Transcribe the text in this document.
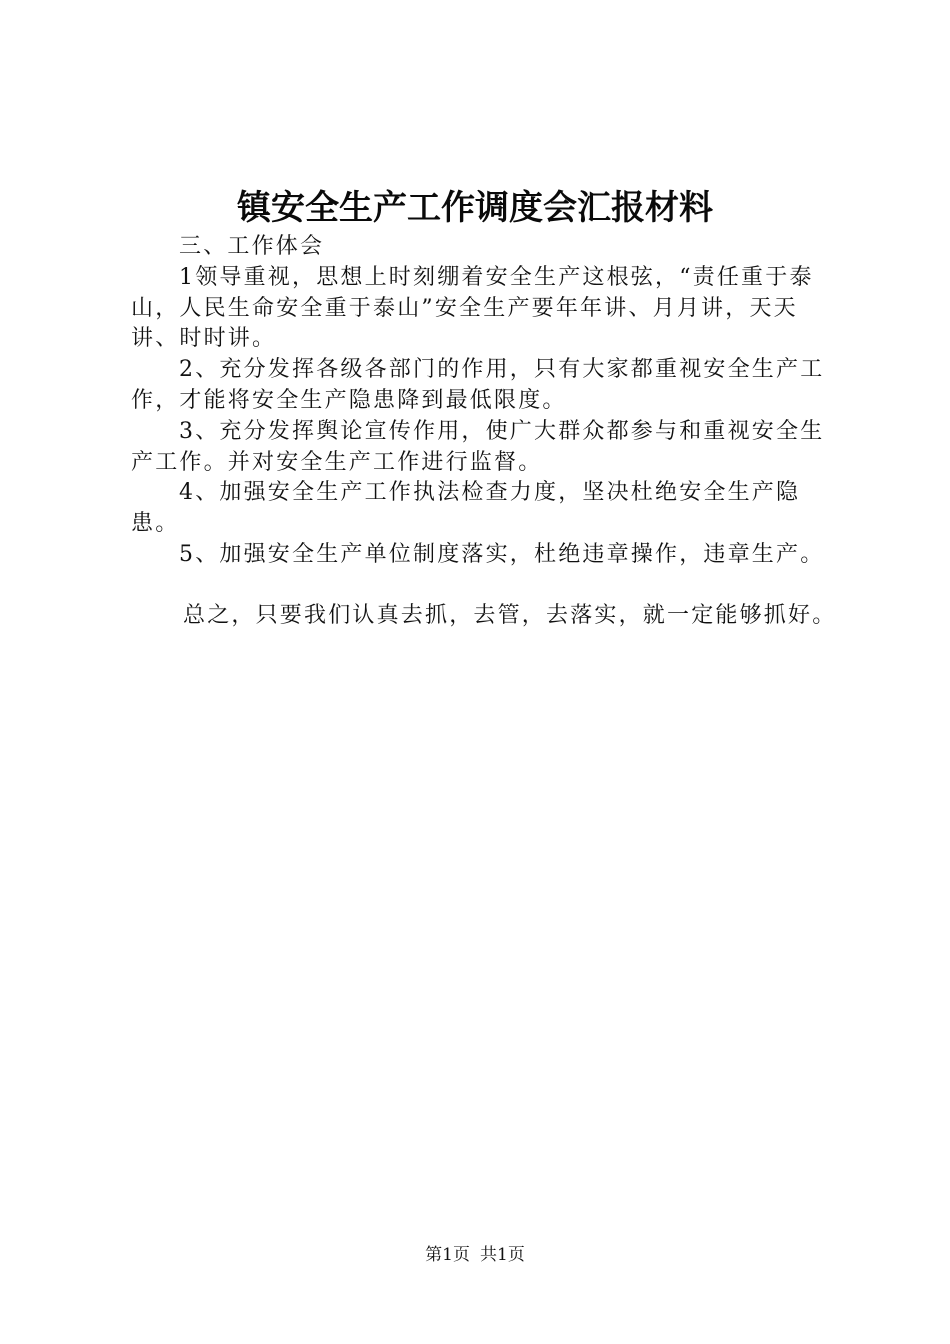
镇安全生产工作调度会汇报材料

三、工作体会

1领导重视，思想上时刻绷着安全生产这根弦，“责任重于泰山，人民生命安全重于泰山”安全生产要年年讲、月月讲，天天讲、时时讲。

2、充分发挥各级各部门的作用，只有大家都重视安全生产工作，才能将安全生产隐患降到最低限度。

3、充分发挥舆论宣传作用，使广大群众都参与和重视安全生产工作。并对安全生产工作进行监督。

4、加强安全生产工作执法检查力度，坚决杜绝安全生产隐患。

5、加强安全生产单位制度落实，杜绝违章操作，违章生产。

总之，只要我们认真去抓，去管，去落实，就一定能够抓好。

第1页 共1页
